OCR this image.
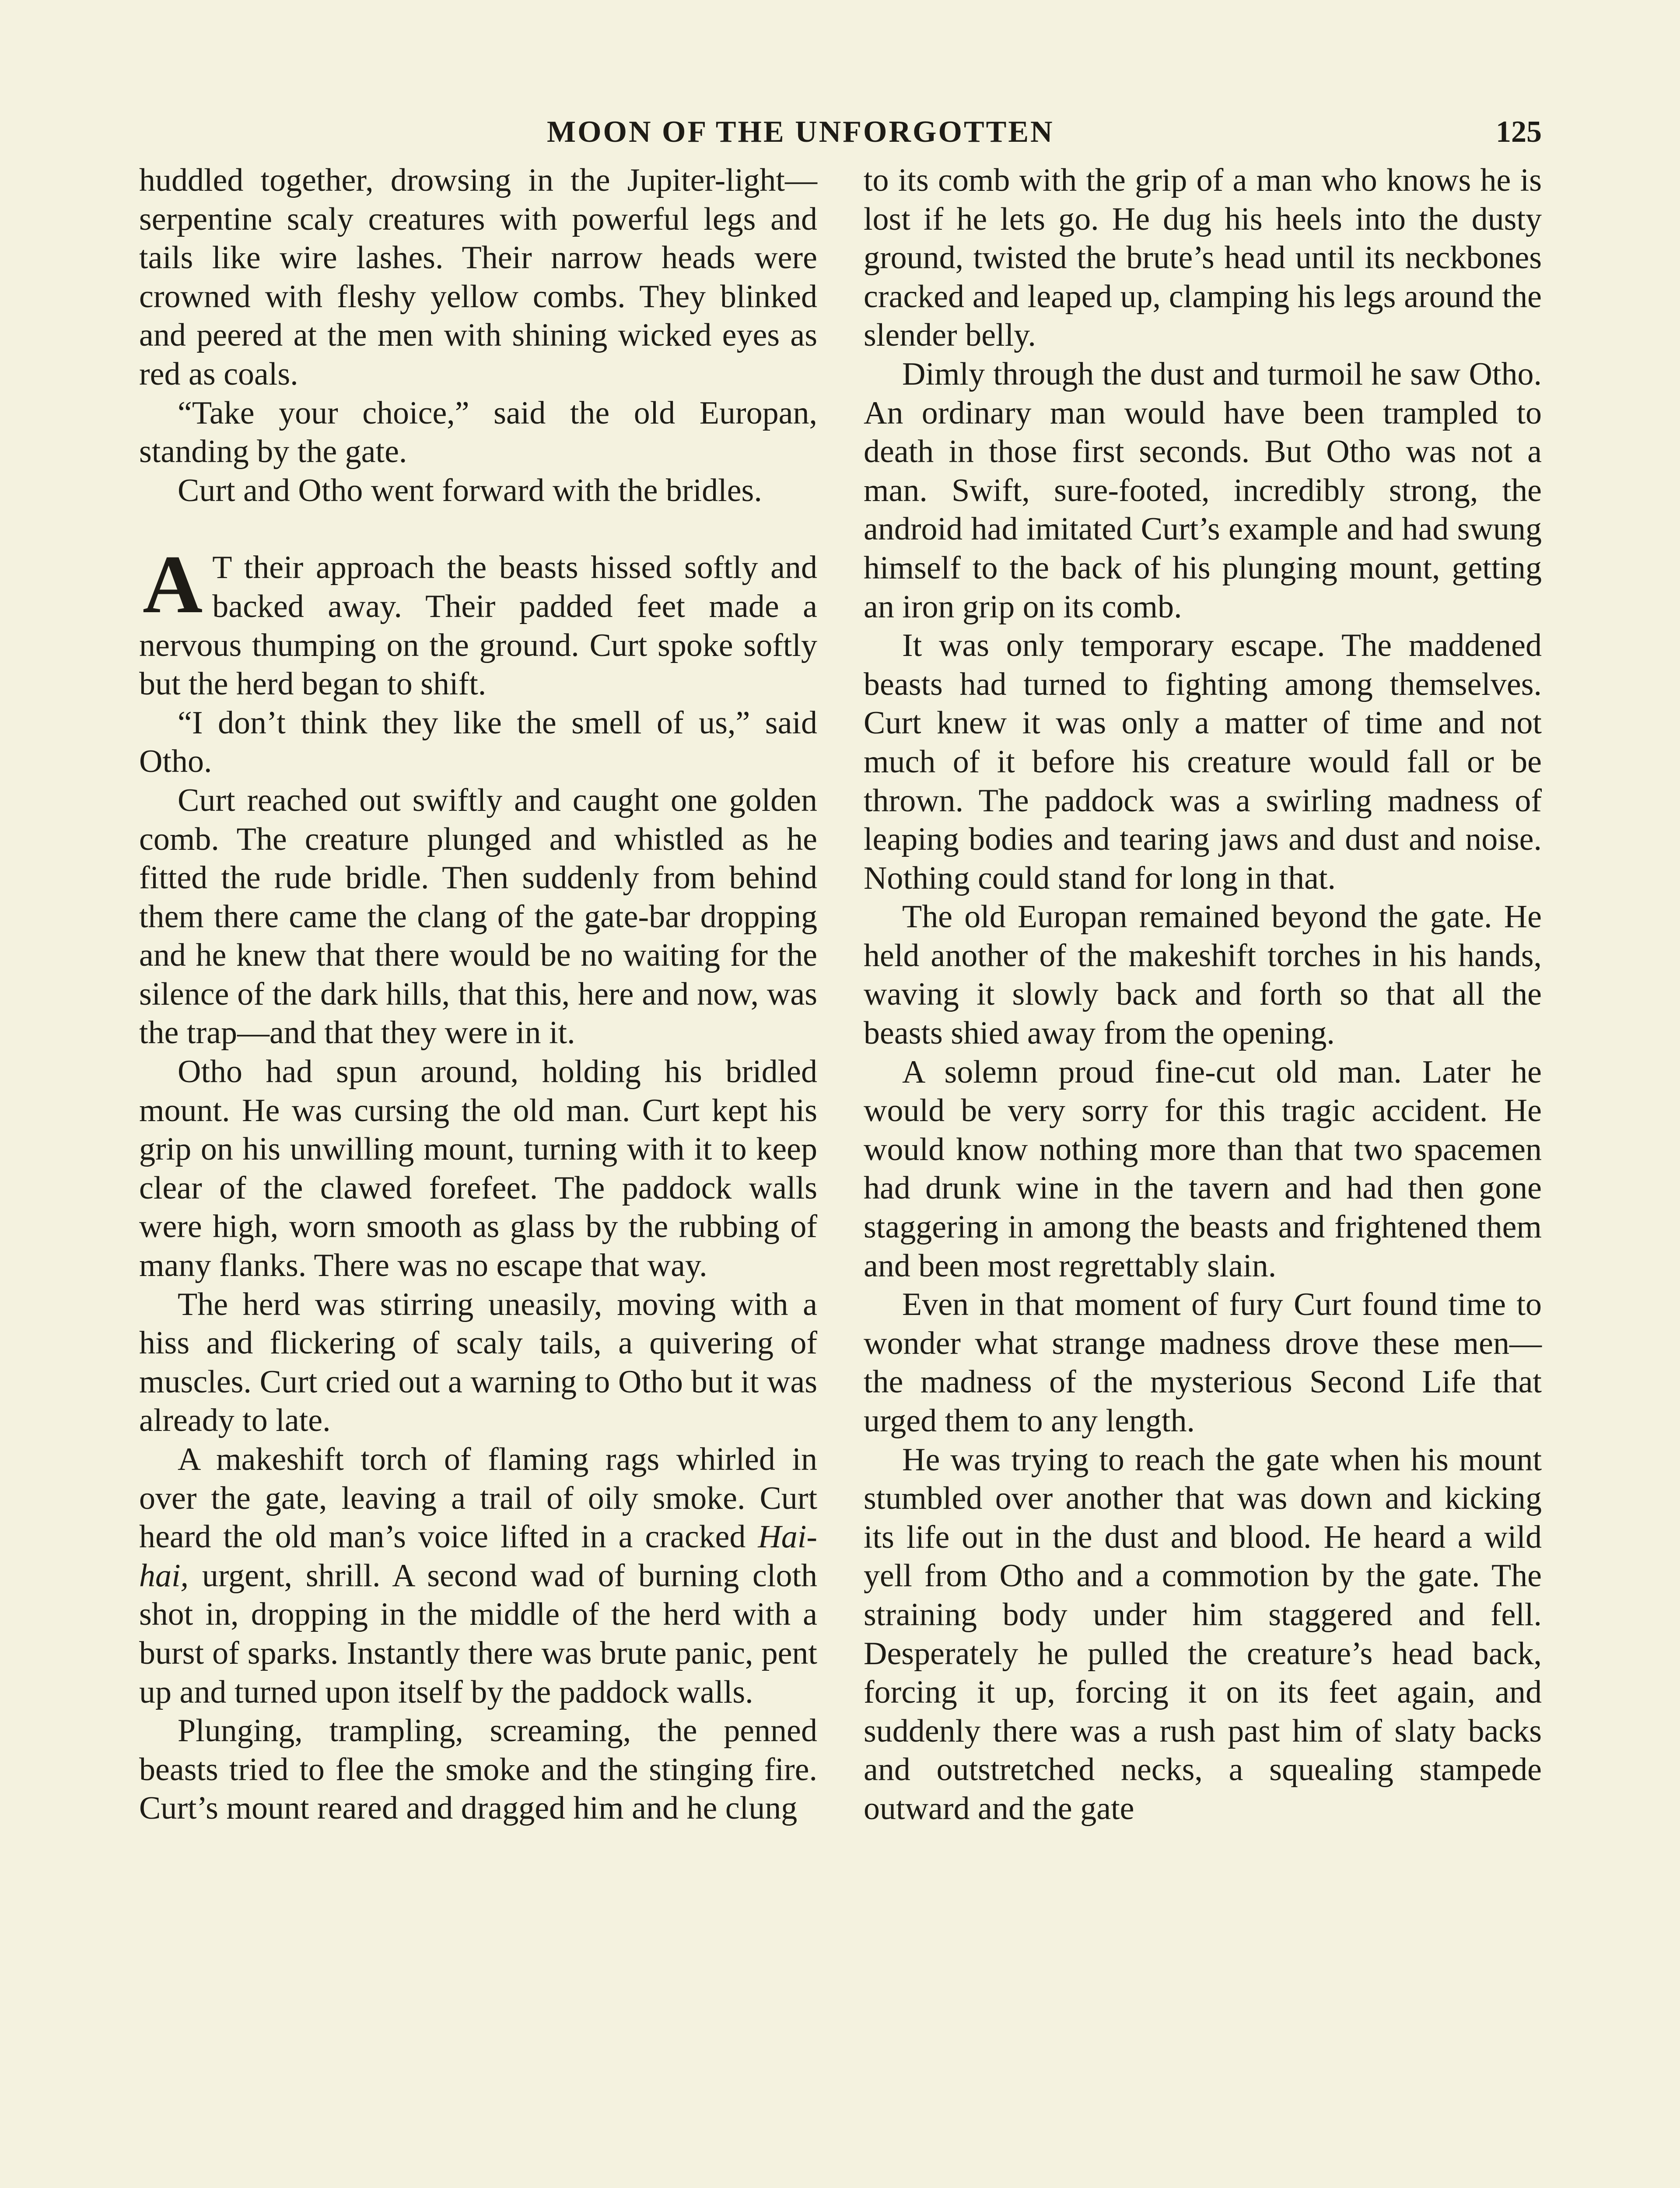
MOON OF THE UNFORGOTTEN	125

huddled together, drowsing in the Jupiter-light—serpentine scaly creatures with powerful legs and tails like wire lashes. Their narrow heads were crowned with fleshy yellow combs. They blinked and peered at the men with shining wicked eyes as red as coals.

“Take your choice,” said the old Europan, standing by the gate.

Curt and Otho went forward with the bridles.

A T their approach the beasts hissed softly and backed away. Their padded feet made a nervous thumping on the ground. Curt spoke softly but the herd began to shift.

“I don’t think they like the smell of us,” said Otho.

Curt reached out swiftly and caught one golden comb. The creature plunged and whistled as he fitted the rude bridle. Then suddenly from behind them there came the clang of the gate-bar dropping and he knew that there would be no waiting for the silence of the dark hills, that this, here and now, was the trap—and that they were in it.

Otho had spun around, holding his bridled mount. He was cursing the old man. Curt kept his grip on his unwilling mount, turning with it to keep clear of the clawed forefeet. The paddock walls were high, worn smooth as glass by the rubbing of many flanks. There was no escape that way.

The herd was stirring uneasily, moving with a hiss and flickering of scaly tails, a quivering of muscles. Curt cried out a warning to Otho but it was already to late.

A makeshift torch of flaming rags whirled in over the gate, leaving a trail of oily smoke. Curt heard the old man’s voice lifted in a cracked Hai-hai, urgent, shrill. A second wad of burning cloth shot in, dropping in the middle of the herd with a burst of sparks. Instantly there was brute panic, pent up and turned upon itself by the paddock walls.

Plunging, trampling, screaming, the penned beasts tried to flee the smoke and the stinging fire. Curt’s mount reared and dragged him and he clung

to its comb with the grip of a man who knows he is lost if he lets go. He dug his heels into the dusty ground, twisted the brute’s head until its neckbones cracked and leaped up, clamping his legs around the slender belly.

Dimly through the dust and turmoil he saw Otho. An ordinary man would have been trampled to death in those first seconds. But Otho was not a man. Swift, sure-footed, incredibly strong, the android had imitated Curt’s example and had swung himself to the back of his plunging mount, getting an iron grip on its comb.

It was only temporary escape. The maddened beasts had turned to fighting among themselves. Curt knew it was only a matter of time and not much of it before his creature would fall or be thrown. The paddock was a swirling madness of leaping bodies and tearing jaws and dust and noise. Nothing could stand for long in that.

The old Europan remained beyond the gate. He held another of the makeshift torches in his hands, waving it slowly back and forth so that all the beasts shied away from the opening.

A solemn proud fine-cut old man. Later he would be very sorry for this tragic accident. He would know nothing more than that two spacemen had drunk wine in the tavern and had then gone staggering in among the beasts and frightened them and been most regrettably slain.

Even in that moment of fury Curt found time to wonder what strange madness drove these men—the madness of the mysterious Second Life that urged them to any length.

He was trying to reach the gate when his mount stumbled over another that was down and kicking its life out in the dust and blood. He heard a wild yell from Otho and a commotion by the gate. The straining body under him staggered and fell. Desperately he pulled the creature’s head back, forcing it up, forcing it on its feet again, and suddenly there was a rush past him of slaty backs and outstretched necks, a squealing stampede outward and the gate
